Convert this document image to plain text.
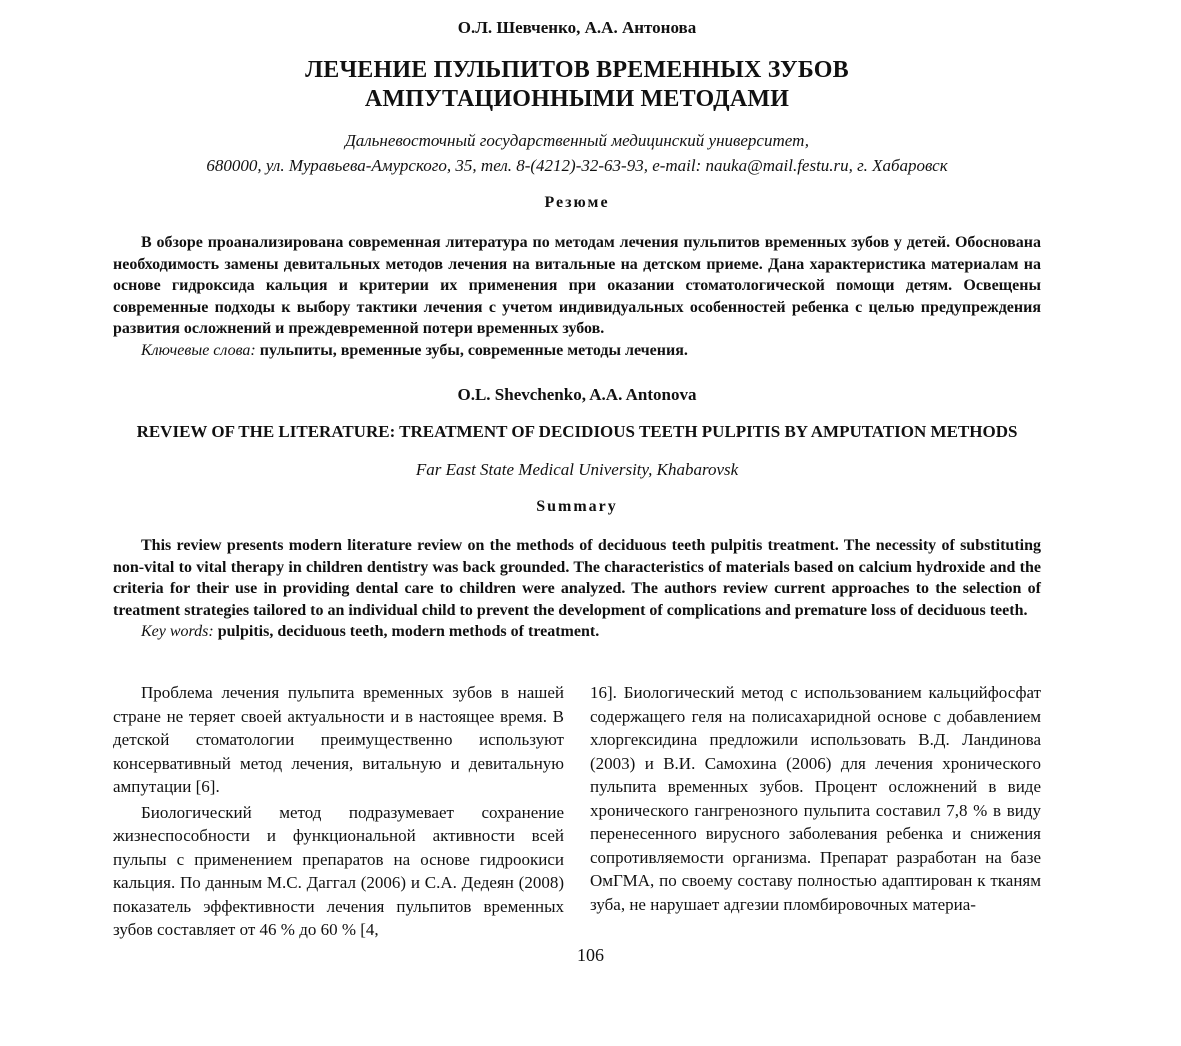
О.Л. Шевченко, А.А. Антонова
ЛЕЧЕНИЕ ПУЛЬПИТОВ ВРЕМЕННЫХ ЗУБОВ
АМПУТАЦИОННЫМИ МЕТОДАМИ
Дальневосточный государственный медицинский университет,
680000, ул. Муравьева-Амурского, 35, тел. 8-(4212)-32-63-93, e-mail: nauka@mail.festu.ru, г. Хабаровск
Резюме

В обзоре проанализирована современная литература по методам лечения пульпитов временных зубов у детей. Обоснована необходимость замены девитальных методов лечения на витальные на детском приеме. Дана характеристика материалам на основе гидроксида кальция и критерии их применения при оказании стоматологической помощи детям. Освещены современные подходы к выбору тактики лечения с учетом индивидуальных особенностей ребенка с целью предупреждения развития осложнений и преждевременной потери временных зубов.

Ключевые слова: пульпиты, временные зубы, современные методы лечения.

O.L. Shevchenko, A.A. Antonova
REVIEW OF THE LITERATURE: TREATMENT OF DECIDIOUS TEETH PULPITIS BY AMPUTATION METHODS
Far East State Medical University, Khabarovsk
Summary

This review presents modern literature review on the methods of deciduous teeth pulpitis treatment. The necessity of substituting non-vital to vital therapy in children dentistry was back grounded. The characteristics of materials based on calcium hydroxide and the criteria for their use in providing dental care to children were analyzed. The authors review current approaches to the selection of treatment strategies tailored to an individual child to prevent the development of complications and premature loss of deciduous teeth.

Key words: pulpitis, deciduous teeth, modern methods of treatment.

Проблема лечения пульпита временных зубов в нашей стране не теряет своей актуальности и в настоящее время. В детской стоматологии преимущественно используют консервативный метод лечения, витальную и девитальную ампутации [6].

Биологический метод подразумевает сохранение жизнеспособности и функциональной активности всей пульпы с применением препаратов на основе гидроокиси кальция. По данным М.С. Даггал (2006) и С.А. Дедеян (2008) показатель эффективности лечения пульпитов временных зубов составляет от 46 % до 60 % [4,

16]. Биологический метод с использованием кальцийфосфат содержащего геля на полисахаридной основе с добавлением хлоргексидина предложили использовать В.Д. Ландинова (2003) и В.И. Самохина (2006) для лечения хронического пульпита временных зубов. Процент осложнений в виде хронического гангренозного пульпита составил 7,8 % в виду перенесенного вирусного заболевания ребенка и снижения сопротивляемости организма. Препарат разработан на базе ОмГМА, по своему составу полностью адаптирован к тканям зуба, не нарушает адгезии пломбировочных материа-

106
